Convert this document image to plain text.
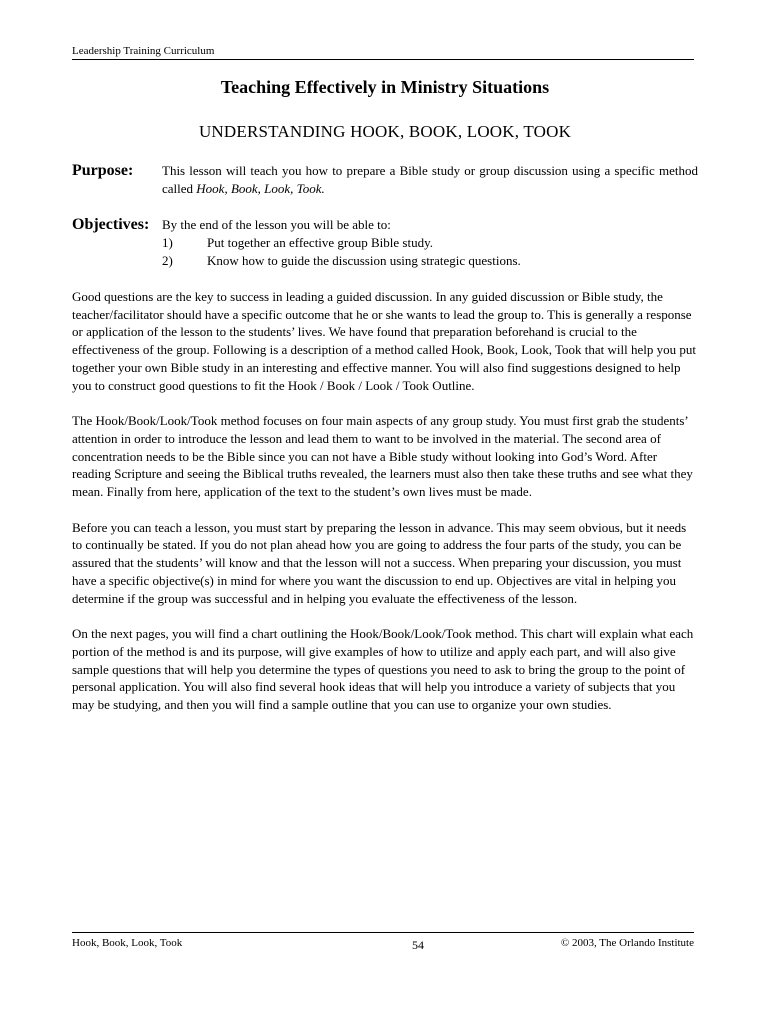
Leadership Training Curriculum
Teaching Effectively in Ministry Situations
UNDERSTANDING HOOK, BOOK, LOOK, TOOK
Purpose: This lesson will teach you how to prepare a Bible study or group discussion using a specific method called Hook, Book, Look, Took.
Objectives: By the end of the lesson you will be able to:
1)	Put together an effective group Bible study.
2)	Know how to guide the discussion using strategic questions.

Good questions are the key to success in leading a guided discussion. In any guided discussion or Bible study, the teacher/facilitator should have a specific outcome that he or she wants to lead the group to. This is generally a response or application of the lesson to the students’ lives. We have found that preparation beforehand is crucial to the effectiveness of the group. Following is a description of a method called Hook, Book, Look, Took that will help you put together your own Bible study in an interesting and effective manner. You will also find suggestions designed to help you to construct good questions to fit the Hook / Book / Look / Took Outline.

The Hook/Book/Look/Took method focuses on four main aspects of any group study. You must first grab the students’ attention in order to introduce the lesson and lead them to want to be involved in the material. The second area of concentration needs to be the Bible since you can not have a Bible study without looking into God’s Word. After reading Scripture and seeing the Biblical truths revealed, the learners must also then take these truths and see what they mean. Finally from here, application of the text to the student’s own lives must be made.

Before you can teach a lesson, you must start by preparing the lesson in advance. This may seem obvious, but it needs to continually be stated. If you do not plan ahead how you are going to address the four parts of the study, you can be assured that the students’ will know and that the lesson will not a success. When preparing your discussion, you must have a specific objective(s) in mind for where you want the discussion to end up. Objectives are vital in helping you determine if the group was successful and in helping you evaluate the effectiveness of the lesson.

On the next pages, you will find a chart outlining the Hook/Book/Look/Took method. This chart will explain what each portion of the method is and its purpose, will give examples of how to utilize and apply each part, and will also give sample questions that will help you determine the types of questions you need to ask to bring the group to the point of personal application. You will also find several hook ideas that will help you introduce a variety of subjects that you may be studying, and then you will find a sample outline that you can use to organize your own studies.

Hook, Book, Look, Took	54	© 2003, The Orlando Institute
